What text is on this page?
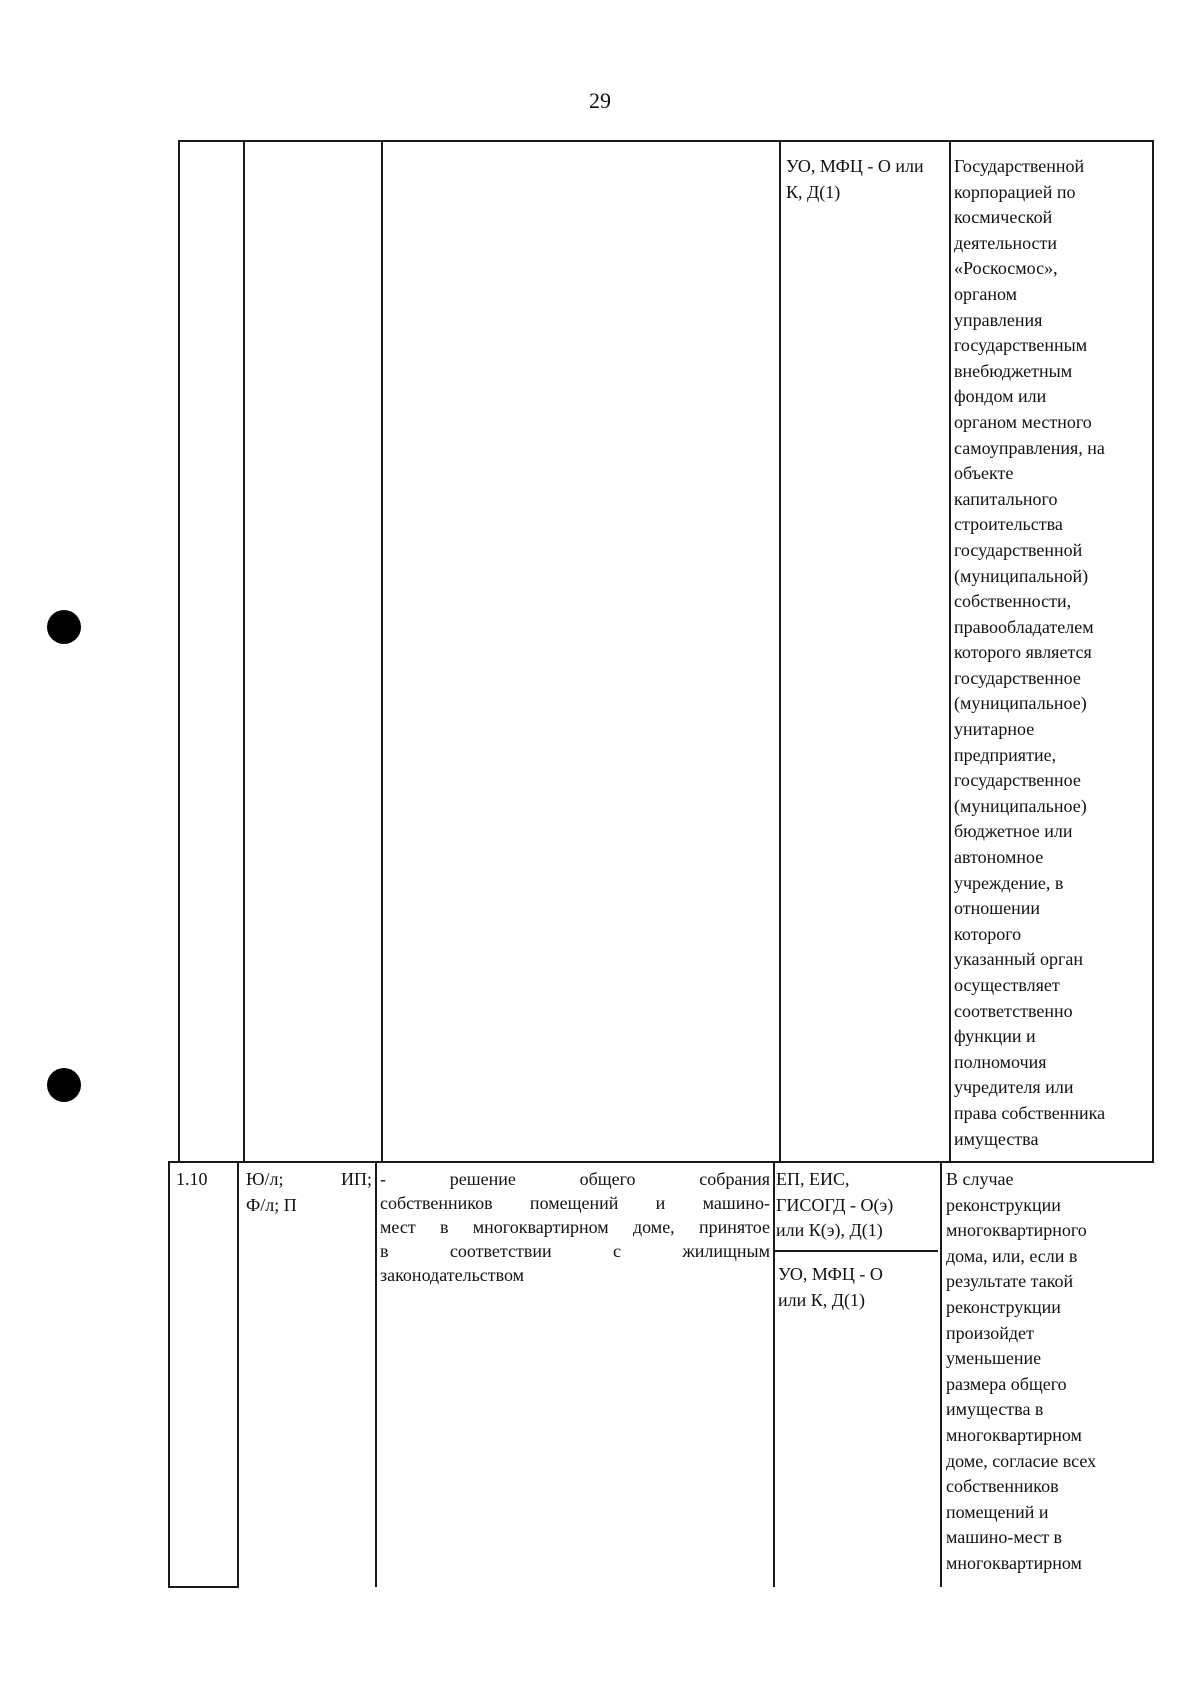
29
УО, МФЦ - О или К, Д(1)
Государственной
корпорацией по
космической
деятельности
«Роскосмос»,
органом
управления
государственным
внебюджетным
фондом или
органом местного
самоуправления, на
объекте
капитального
строительства
государственной
(муниципальной)
собственности,
правообладателем
которого является
государственное
(муниципальное)
унитарное
предприятие,
государственное
(муниципальное)
бюджетное или
автономное
учреждение, в
отношении
которого
указанный орган
осуществляет
соответственно
функции и
полномочия
учредителя или
права собственника
имущества
1.10 Ю/л;	ИП;
Ф/л; П
- решение общего собрания
собственников помещений и машино-
мест в многоквартирном доме, принятое
в соответствии с жилищным
законодательством
ЕП, ЕИС,
ГИСОГД - О(э)
или К(э), Д(1)
УО, МФЦ - О
или К, Д(1)
В случае
реконструкции
многоквартирного
дома, или, если в
результате такой
реконструкции
произойдет
уменьшение
размера общего
имущества в
многоквартирном
доме, согласие всех
собственников
помещений и
машино-мест в
многоквартирном
